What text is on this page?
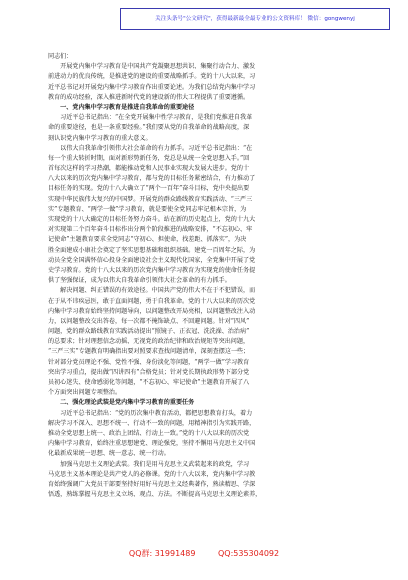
关注头条号"公文研究"，获得最新最全最专业的公文资料库！ 微信：gongwenyj
同志们：
　　开展党内集中学习教育是中国共产党凝聚思想共识、集聚行动合力、激发
前进动力的优良传统，是推进党的建设的重要战略抓手。党的十八大以来，习
近平总书记对开展党内集中学习教育作出重要论述。为我们总结党内集中学习
教育的成功经验，深入推进新时代党的建设新的伟大工程提供了重要遵循。
　　一、党内集中学习教育是推进自我革命的重要途径
　　习近平总书记指出：“在全党开展集中性学习教育，是我们党推进自我革
命的重要途径，也是一条重要经验。”我们要从党的自我革命的战略高度，深
刻认识党内集中学习教育的重大意义。
　　以伟大自我革命引领伟大社会革命的有力抓手。习近平总书记指出：“在
每一个重大转折时期，面对新形势新任务，党总是从统一全党思想入手。”回
首每次这样的学习热潮，都能推动党和人民事业实现大发展大进步。党的十
八大以来的历次党内集中学习教育，都与党的目标任务紧密结合，有力推动了
目标任务的实现。党的十八大确立了“两个一百年”奋斗目标，党中央提出要
实现中华民族伟大复兴的中国梦。开展党的群众路线教育实践活动、“三严三
实”专题教育、“两学一做”学习教育，就是要使全党同志牢记根本宗旨，为
实现党的十八大确定的目标任务努力奋斗。站在新的历史起点上，党的十九大
对实现第二个百年奋斗目标作出分两个阶段推进的战略安排，“不忘初心、牢
记使命”主题教育要求全党同志“守初心、担使命，找差距、抓落实”，为决
胜全面建成小康社会奠定了坚实思想基础和组织基础。建党一百周年之际，为
动员全党全国满怀信心投身全面建设社会主义现代化国家，全党集中开展了党
史学习教育。党的十八大以来的历次党内集中学习教育为实现党的使命任务提
供了坚强保证，成为以伟大自我革命引领伟大社会革命的有力抓手。
　　解决问题、纠正错误的有效途径。中国共产党的伟大不在于不犯错误，而
在于从不讳疾忌医，敢于直面问题，勇于自我革命。党的十八大以来的历次党
内集中学习教育始终坚持问题导向，以问题整改开局亮相，以问题整改注入动
力，以问题整改交出答卷，每一次都不掩饰缺点、不回避问题。针对“四风”
问题，党的群众路线教育实践活动提出“照镜子、正衣冠、洗洗澡、治治病”
的总要求；针对理想信念动摇、无视党的政治纪律和政治规矩等突出问题，
“三严三实”专题教育明确指出要对照要求查找问题清单，深刻查摆这一些；
针对部分党员理论不强、党性不强、身份淡化等问题，“两学一做”学习教育
突出学习重点，提出做“四讲四有”合格党员；针对党长期执政形势下部分党
员初心迷失、使命感弱化等问题，“不忘初心、牢记使命”主题教育开展了八
个方面突出问题专项整治。
　　二、强化理论武装是党内集中学习教育的重要任务
　　习近平总书记指出：“党的历次集中教育活动，都把思想教育打头，着力
解决学习不深入、思想不统一、行动不一致的问题，用精神指引为实践开路，
推动全党思想上统一、政治上团结、行动上一致。”党的十八大以来的历次党
内集中学习教育，始终注重思想建党、理论强党，坚持不懈用马克思主义中国
化最新成果统一思想、统一意志、统一行动。
　　加强马克思主义理论武装。我们是用马克思主义武装起来的政党，学习
马克思主义基本理论是共产党人的必修课。党的十八大以来，党内集中学习教
育始终强调广大党员干部要坚持好用好马克思主义经典著作，熟读精思、学深
悟透，熟练掌握马克思主义立场、观点、方法。不断提高马克思主义理论素养，
QQ群: 31991489	QQ:535304092
